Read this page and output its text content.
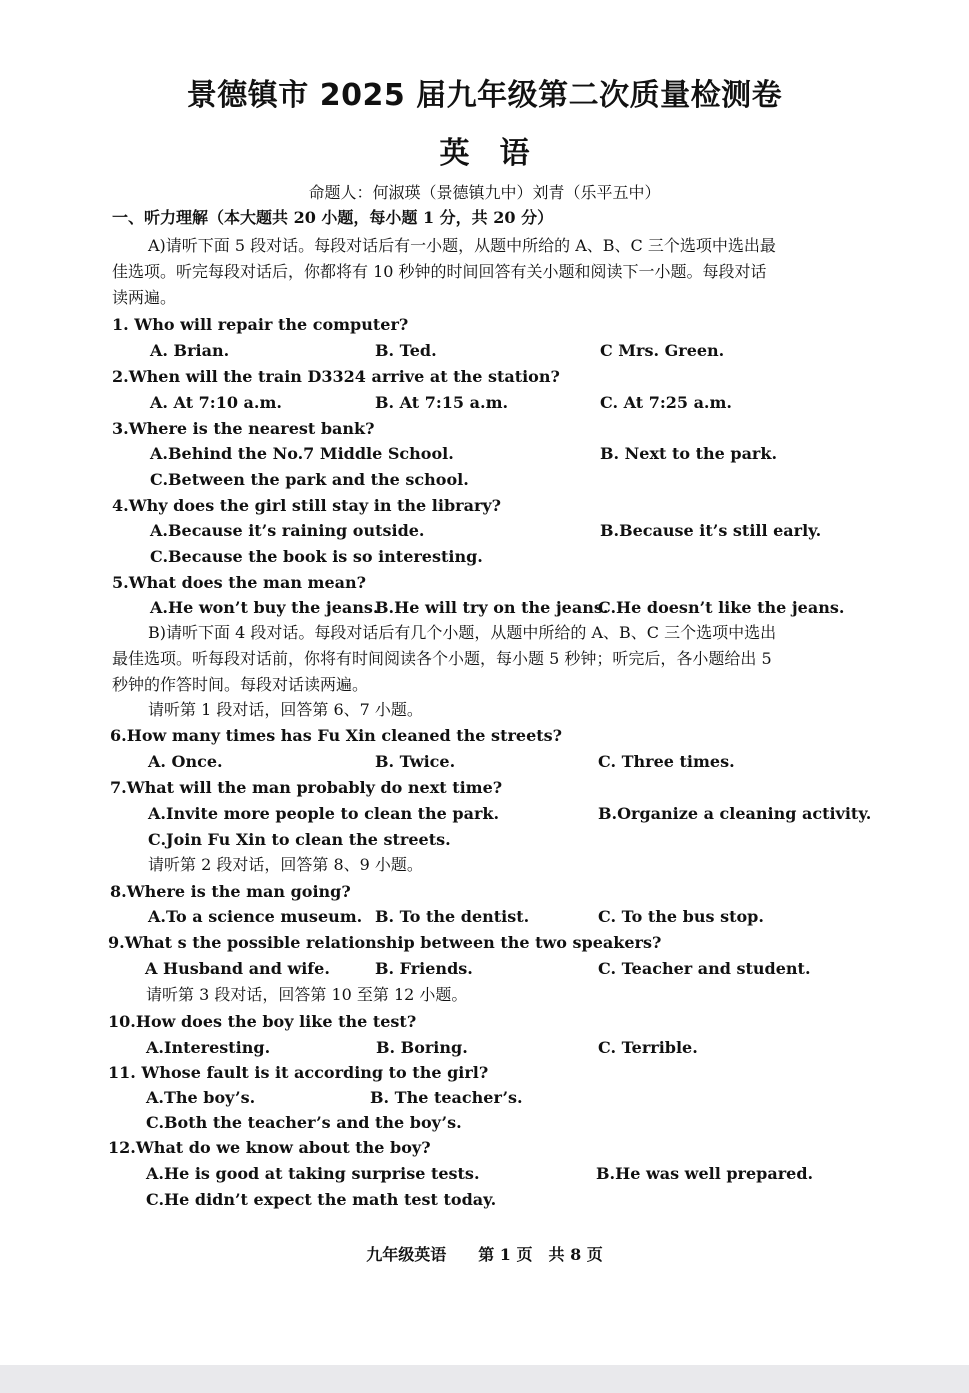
景德镇市 2025 届九年级第二次质量检测卷
英　语
命题人：何淑瑛（景德镇九中）刘青（乐平五中）
一、听力理解（本大题共 20 小题，每小题 1 分，共 20 分）
A)请听下面 5 段对话。每段对话后有一小题，从题中所给的 A、B、C 三个选项中选出最
佳选项。听完每段对话后，你都将有 10 秒钟的时间回答有关小题和阅读下一小题。每段对话
读两遍。
1. Who will repair the computer?
A. Brian.	B. Ted.	C Mrs. Green.
2.When will the train D3324 arrive at the station?
A. At 7:10 a.m.	B. At 7:15 a.m.	C. At 7:25 a.m.
3.Where is the nearest bank?
A.Behind the No.7 Middle School.	B. Next to the park.
C.Between the park and the school.
4.Why does the girl still stay in the library?
A.Because it’s raining outside.	B.Because it’s still early.
C.Because the book is so interesting.
5.What does the man mean?
A.He won’t buy the jeans.
B.He will try on the jeans.
C.He doesn’t like the jeans.
B)请听下面 4 段对话。每段对话后有几个小题，从题中所给的 A、B、C 三个选项中选出
最佳选项。听每段对话前，你将有时间阅读各个小题，每小题 5 秒钟；听完后，各小题给出 5
秒钟的作答时间。每段对话读两遍。
请听第 1 段对话，回答第 6、7 小题。
6.How many times has Fu Xin cleaned the streets?
A. Once.	B. Twice.	C. Three times.
7.What will the man probably do next time?
A.Invite more people to clean the park.	B.Organize a cleaning activity.
C.Join Fu Xin to clean the streets.
请听第 2 段对话，回答第 8、9 小题。
8.Where is the man going?
A.To a science museum. B. To the dentist.	C. To the bus stop.
9.What s the possible relationship between the two speakers?
A Husband and wife.	B. Friends.	C. Teacher and student.
请听第 3 段对话，回答第 10 至第 12 小题。
10.How does the boy like the test?
A.Interesting.	B. Boring.	C. Terrible.
11. Whose fault is it according to the girl?
A.The boy’s.	B. The teacher’s.
C.Both the teacher’s and the boy’s.
12.What do we know about the boy?
A.He is good at taking surprise tests.	B.He was well prepared.
C.He didn’t expect the math test today.
九年级英语　　第 1 页　共 8 页
